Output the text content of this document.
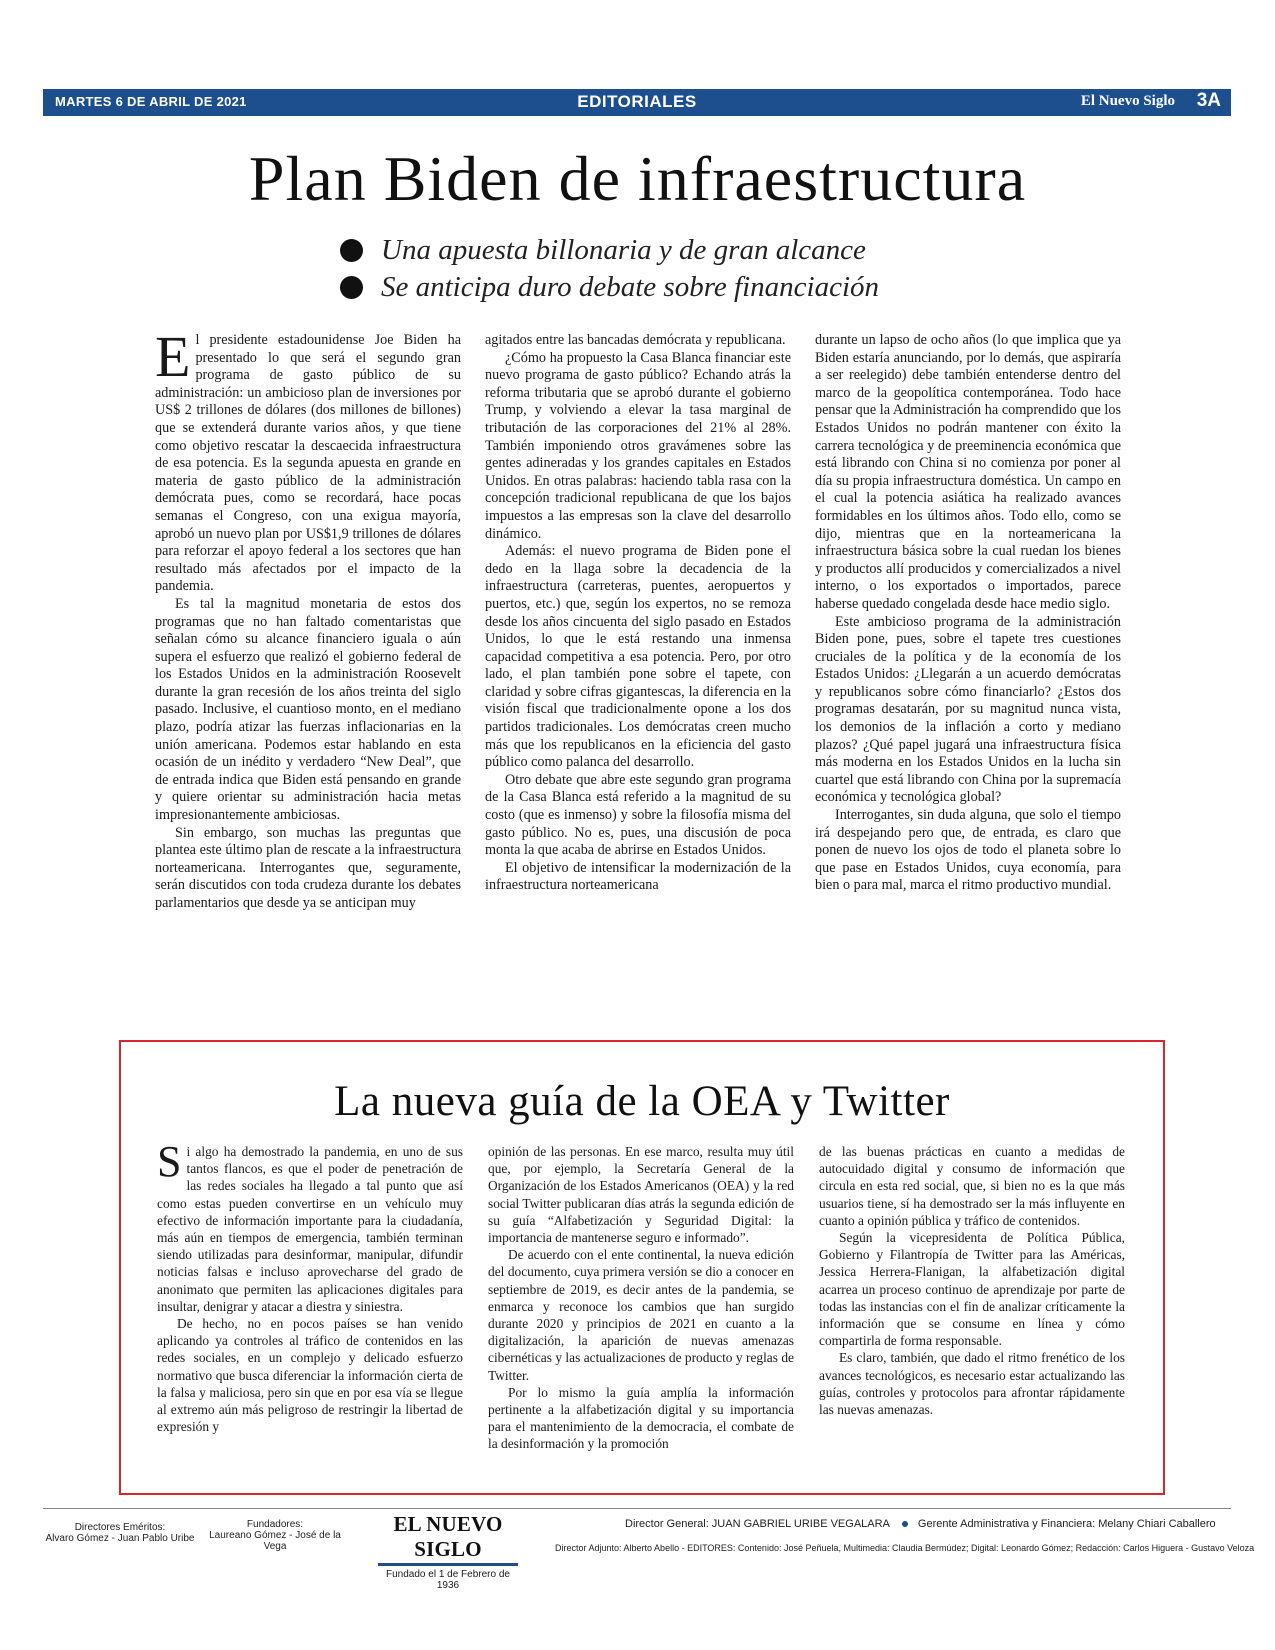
MARTES 6 DE ABRIL DE 2021	EDITORIALES	El Nuevo Siglo 3A
Plan Biden de infraestructura
Una apuesta billonaria y de gran alcance
Se anticipa duro debate sobre financiación

El presidente estadounidense Joe Biden ha presentado lo que será el segundo gran programa de gasto público de su administración: un ambicioso plan de inversiones por US$ 2 trillones de dólares (dos millones de billones) que se extenderá durante varios años, y que tiene como objetivo rescatar la descaecida infraestructura de esa potencia. Es la segunda apuesta en grande en materia de gasto público de la administración demócrata pues, como se recordará, hace pocas semanas el Congreso, con una exigua mayoría, aprobó un nuevo plan por US$1,9 trillones de dólares para reforzar el apoyo federal a los sectores que han resultado más afectados por el impacto de la pandemia.

Es tal la magnitud monetaria de estos dos programas que no han faltado comentaristas que señalan cómo su alcance financiero iguala o aún supera el esfuerzo que realizó el gobierno federal de los Estados Unidos en la administración Roosevelt durante la gran recesión de los años treinta del siglo pasado. Inclusive, el cuantioso monto, en el mediano plazo, podría atizar las fuerzas inflacionarias en la unión americana. Podemos estar hablando en esta ocasión de un inédito y verdadero “New Deal”, que de entrada indica que Biden está pensando en grande y quiere orientar su administración hacia metas impresionantemente ambiciosas.

Sin embargo, son muchas las preguntas que plantea este último plan de rescate a la infraestructura norteamericana. Interrogantes que, seguramente, serán discutidos con toda crudeza durante los debates parlamentarios que desde ya se anticipan muy

agitados entre las bancadas demócrata y republicana.

¿Cómo ha propuesto la Casa Blanca financiar este nuevo programa de gasto público? Echando atrás la reforma tributaria que se aprobó durante el gobierno Trump, y volviendo a elevar la tasa marginal de tributación de las corporaciones del 21% al 28%. También imponiendo otros gravámenes sobre las gentes adineradas y los grandes capitales en Estados Unidos. En otras palabras: haciendo tabla rasa con la concepción tradicional republicana de que los bajos impuestos a las empresas son la clave del desarrollo dinámico.

Además: el nuevo programa de Biden pone el dedo en la llaga sobre la decadencia de la infraestructura (carreteras, puentes, aeropuertos y puertos, etc.) que, según los expertos, no se remoza desde los años cincuenta del siglo pasado en Estados Unidos, lo que le está restando una inmensa capacidad competitiva a esa potencia. Pero, por otro lado, el plan también pone sobre el tapete, con claridad y sobre cifras gigantescas, la diferencia en la visión fiscal que tradicionalmente opone a los dos partidos tradicionales. Los demócratas creen mucho más que los republicanos en la eficiencia del gasto público como palanca del desarrollo.

Otro debate que abre este segundo gran programa de la Casa Blanca está referido a la magnitud de su costo (que es inmenso) y sobre la filosofía misma del gasto público. No es, pues, una discusión de poca monta la que acaba de abrirse en Estados Unidos.

El objetivo de intensificar la modernización de la infraestructura norteamericana

durante un lapso de ocho años (lo que implica que ya Biden estaría anunciando, por lo demás, que aspiraría a ser reelegido) debe también entenderse dentro del marco de la geopolítica contemporánea. Todo hace pensar que la Administración ha comprendido que los Estados Unidos no podrán mantener con éxito la carrera tecnológica y de preeminencia económica que está librando con China si no comienza por poner al día su propia infraestructura doméstica. Un campo en el cual la potencia asiática ha realizado avances formidables en los últimos años. Todo ello, como se dijo, mientras que en la norteamericana la infraestructura básica sobre la cual ruedan los bienes y productos allí producidos y comercializados a nivel interno, o los exportados o importados, parece haberse quedado congelada desde hace medio siglo.

Este ambicioso programa de la administración Biden pone, pues, sobre el tapete tres cuestiones cruciales de la política y de la economía de los Estados Unidos: ¿Llegarán a un acuerdo demócratas y republicanos sobre cómo financiarlo? ¿Estos dos programas desatarán, por su magnitud nunca vista, los demonios de la inflación a corto y mediano plazos? ¿Qué papel jugará una infraestructura física más moderna en los Estados Unidos en la lucha sin cuartel que está librando con China por la supremacía económica y tecnológica global?

Interrogantes, sin duda alguna, que solo el tiempo irá despejando pero que, de entrada, es claro que ponen de nuevo los ojos de todo el planeta sobre lo que pase en Estados Unidos, cuya economía, para bien o para mal, marca el ritmo productivo mundial.

La nueva guía de la OEA y Twitter

Si algo ha demostrado la pandemia, en uno de sus tantos flancos, es que el poder de penetración de las redes sociales ha llegado a tal punto que así como estas pueden convertirse en un vehículo muy efectivo de información importante para la ciudadanía, más aún en tiempos de emergencia, también terminan siendo utilizadas para desinformar, manipular, difundir noticias falsas e incluso aprovecharse del grado de anonimato que permiten las aplicaciones digitales para insultar, denigrar y atacar a diestra y siniestra.

De hecho, no en pocos países se han venido aplicando ya controles al tráfico de contenidos en las redes sociales, en un complejo y delicado esfuerzo normativo que busca diferenciar la información cierta de la falsa y maliciosa, pero sin que en por esa vía se llegue al extremo aún más peligroso de restringir la libertad de expresión y

opinión de las personas. En ese marco, resulta muy útil que, por ejemplo, la Secretaría General de la Organización de los Estados Americanos (OEA) y la red social Twitter publicaran días atrás la segunda edición de su guía “Alfabetización y Seguridad Digital: la importancia de mantenerse seguro e informado”.

De acuerdo con el ente continental, la nueva edición del documento, cuya primera versión se dio a conocer en septiembre de 2019, es decir antes de la pandemia, se enmarca y reconoce los cambios que han surgido durante 2020 y principios de 2021 en cuanto a la digitalización, la aparición de nuevas amenazas cibernéticas y las actualizaciones de producto y reglas de Twitter.

Por lo mismo la guía amplía la información pertinente a la alfabetización digital y su importancia para el mantenimiento de la democracia, el combate de la desinformación y la promoción

de las buenas prácticas en cuanto a medidas de autocuidado digital y consumo de información que circula en esta red social, que, si bien no es la que más usuarios tiene, sí ha demostrado ser la más influyente en cuanto a opinión pública y tráfico de contenidos.

Según la vicepresidenta de Política Pública, Gobierno y Filantropía de Twitter para las Américas, Jessica Herrera-Flanigan, la alfabetización digital acarrea un proceso continuo de aprendizaje por parte de todas las instancias con el fin de analizar críticamente la información que se consume en línea y cómo compartirla de forma responsable.

Es claro, también, que dado el ritmo frenético de los avances tecnológicos, es necesario estar actualizando las guías, controles y protocolos para afrontar rápidamente las nuevas amenazas.

Directores Eméritos:
Alvaro Gómez - Juan Pablo Uribe
Fundadores:
Laureano Gómez - José de la Vega
EL NUEVO SIGLO
Fundado el 1 de Febrero de 1936
Director General: JUAN GABRIEL URIBE VEGALARA	Gerente Administrativa y Financiera: Melany Chiari Caballero
Director Adjunto: Alberto Abello - EDITORES: Contenido: José Peñuela, Multimedia: Claudia Bermúdez; Digital: Leonardo Gómez; Redacción: Carlos Higuera - Gustavo Veloza
